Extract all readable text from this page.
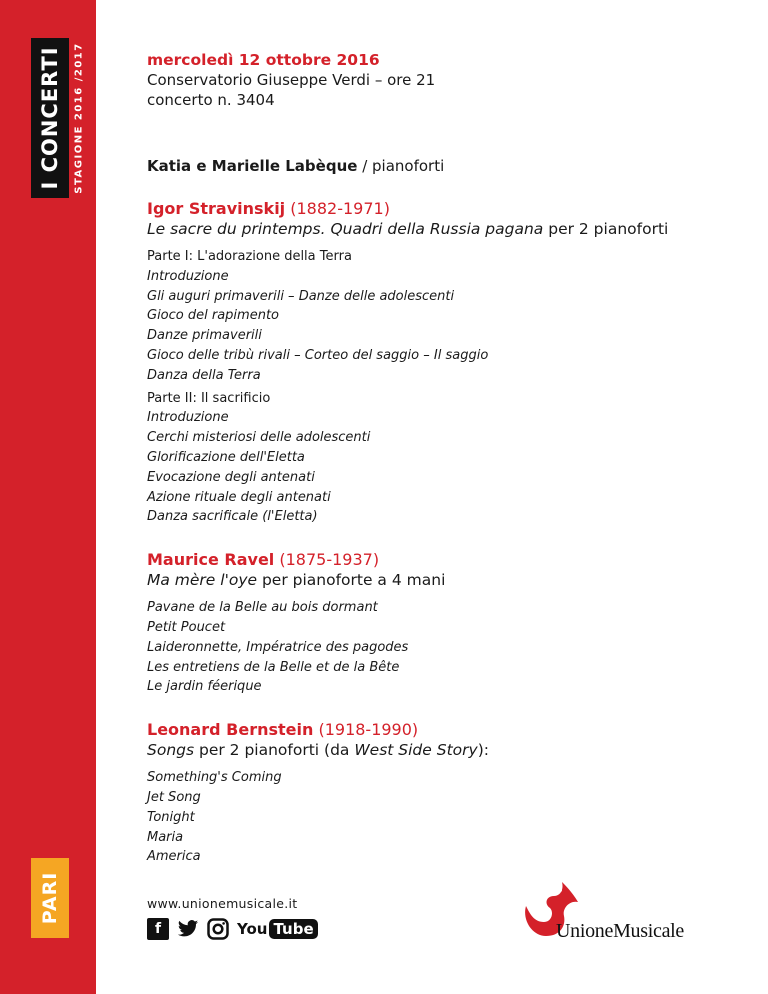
I CONCERTI STAGIONE 2016 /2017
PARI
mercoledì 12 ottobre 2016
Conservatorio Giuseppe Verdi – ore 21
concerto n. 3404
Katia e Marielle Labèque / pianoforti
Igor Stravinskij (1882-1971)
Le sacre du printemps. Quadri della Russia pagana per 2 pianoforti
Parte I: L'adorazione della Terra
Introduzione
Gli auguri primaverili – Danze delle adolescenti
Gioco del rapimento
Danze primaverili
Gioco delle tribù rivali – Corteo del saggio – Il saggio
Danza della Terra
Parte II: Il sacrificio
Introduzione
Cerchi misteriosi delle adolescenti
Glorificazione dell'Eletta
Evocazione degli antenati
Azione rituale degli antenati
Danza sacrificale (l'Eletta)
Maurice Ravel (1875-1937)
Ma mère l'oye per pianoforte a 4 mani
Pavane de la Belle au bois dormant
Petit Poucet
Laideronnette, Impératrice des pagodes
Les entretiens de la Belle et de la Bête
Le jardin féerique
Leonard Bernstein (1918-1990)
Songs per 2 pianoforti (da West Side Story):
Something's Coming
Jet Song
Tonight
Maria
America
www.unionemusicale.it
f	You Tube	UnioneMusicale
